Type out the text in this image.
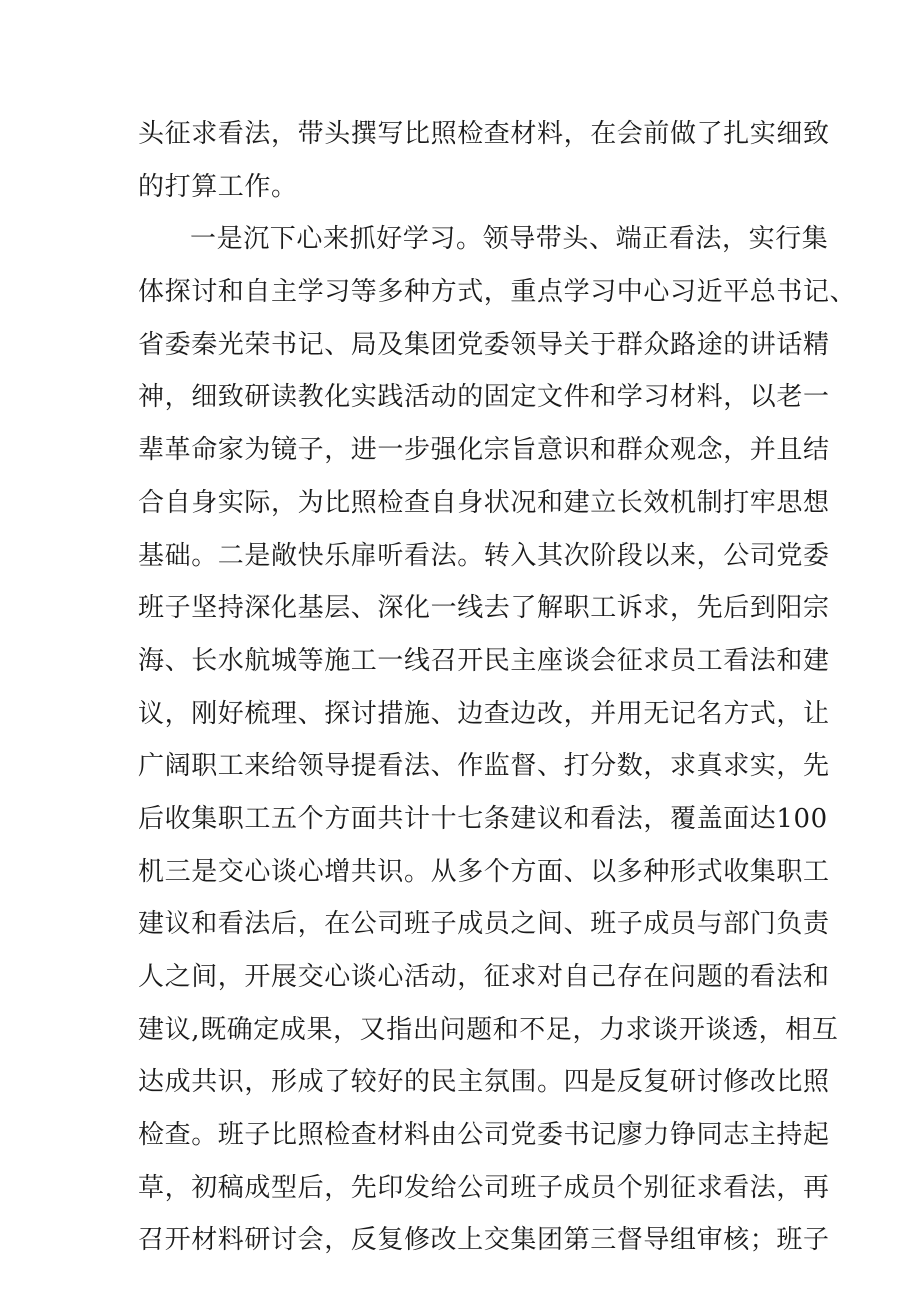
头征求看法，带头撰写比照检查材料，在会前做了扎实细致
的打算工作。
一是沉下心来抓好学习。领导带头、端正看法，实行集
体探讨和自主学习等多种方式，重点学习中心习近平总书记、
省委秦光荣书记、局及集团党委领导关于群众路途的讲话精
神，细致研读教化实践活动的固定文件和学习材料，以老一
辈革命家为镜子，进一步强化宗旨意识和群众观念，并且结
合自身实际，为比照检查自身状况和建立长效机制打牢思想
基础。二是敞快乐扉听看法。转入其次阶段以来，公司党委
班子坚持深化基层、深化一线去了解职工诉求，先后到阳宗
海、长水航城等施工一线召开民主座谈会征求员工看法和建
议，刚好梳理、探讨措施、边查边改，并用无记名方式，让
广阔职工来给领导提看法、作监督、打分数，求真求实，先
后收集职工五个方面共计十七条建议和看法，覆盖面达100
机三是交心谈心增共识。从多个方面、以多种形式收集职工
建议和看法后，在公司班子成员之间、班子成员与部门负责
人之间，开展交心谈心活动，征求对自己存在问题的看法和
建议,既确定成果，又指出问题和不足，力求谈开谈透，相互
达成共识，形成了较好的民主氛围。四是反复研讨修改比照
检查。班子比照检查材料由公司党委书记廖力铮同志主持起
草，初稿成型后，先印发给公司班子成员个别征求看法，再
召开材料研讨会，反复修改上交集团第三督导组审核；班子
